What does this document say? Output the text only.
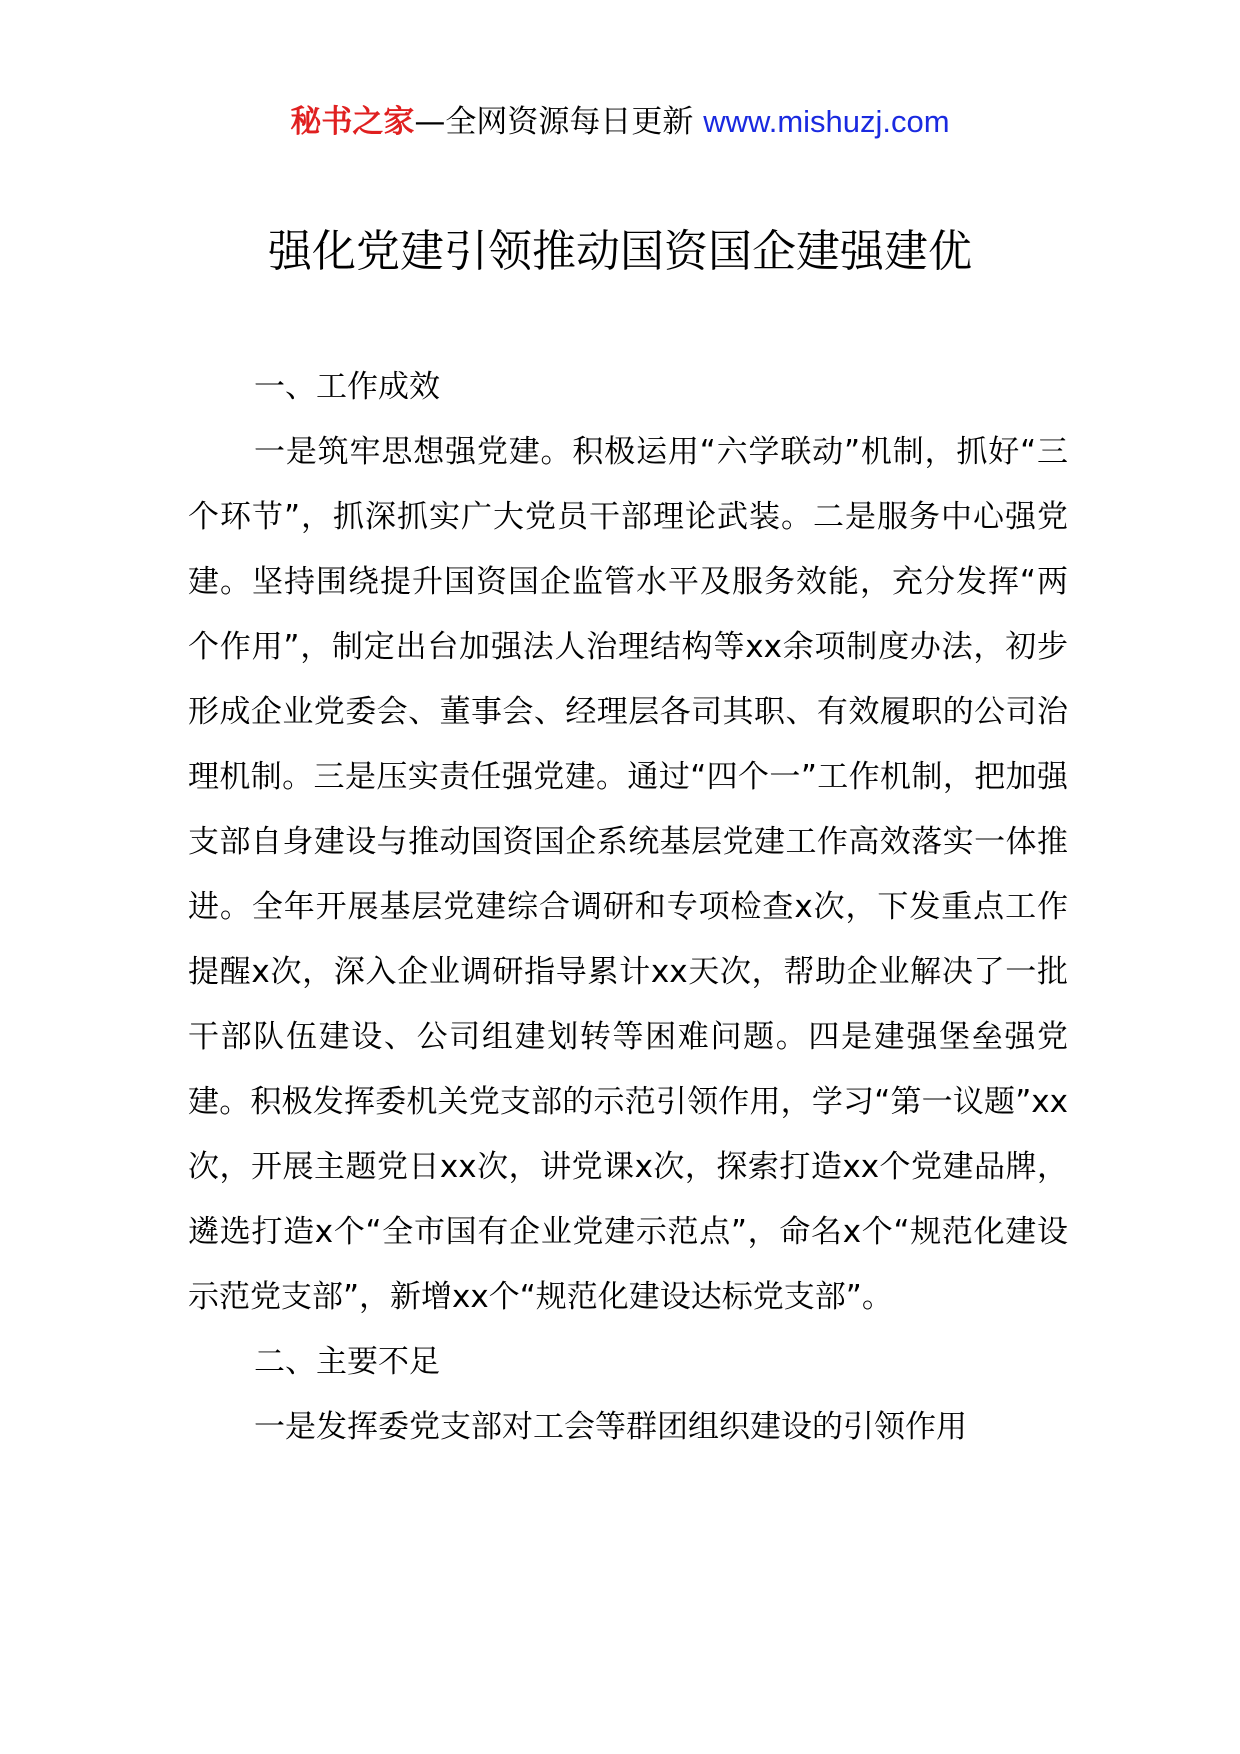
秘书之家—全网资源每日更新 www.mishuzj.com
强化党建引领推动国资国企建强建优

一、工作成效

一是筑牢思想强党建。积极运用“六学联动”机制，抓好“三个环节”，抓深抓实广大党员干部理论武装。二是服务中心强党建。坚持围绕提升国资国企监管水平及服务效能，充分发挥“两个作用”，制定出台加强法人治理结构等xx余项制度办法，初步形成企业党委会、董事会、经理层各司其职、有效履职的公司治理机制。三是压实责任强党建。通过“四个一”工作机制，把加强支部自身建设与推动国资国企系统基层党建工作高效落实一体推进。全年开展基层党建综合调研和专项检查x次，下发重点工作提醒x次，深入企业调研指导累计xx天次，帮助企业解决了一批干部队伍建设、公司组建划转等困难问题。四是建强堡垒强党建。积极发挥委机关党支部的示范引领作用，学习“第一议题”xx次，开展主题党日xx次，讲党课x次，探索打造xx个党建品牌，遴选打造x个“全市国有企业党建示范点”，命名x个“规范化建设示范党支部”，新增xx个“规范化建设达标党支部”。

二、主要不足

一是发挥委党支部对工会等群团组织建设的引领作用
